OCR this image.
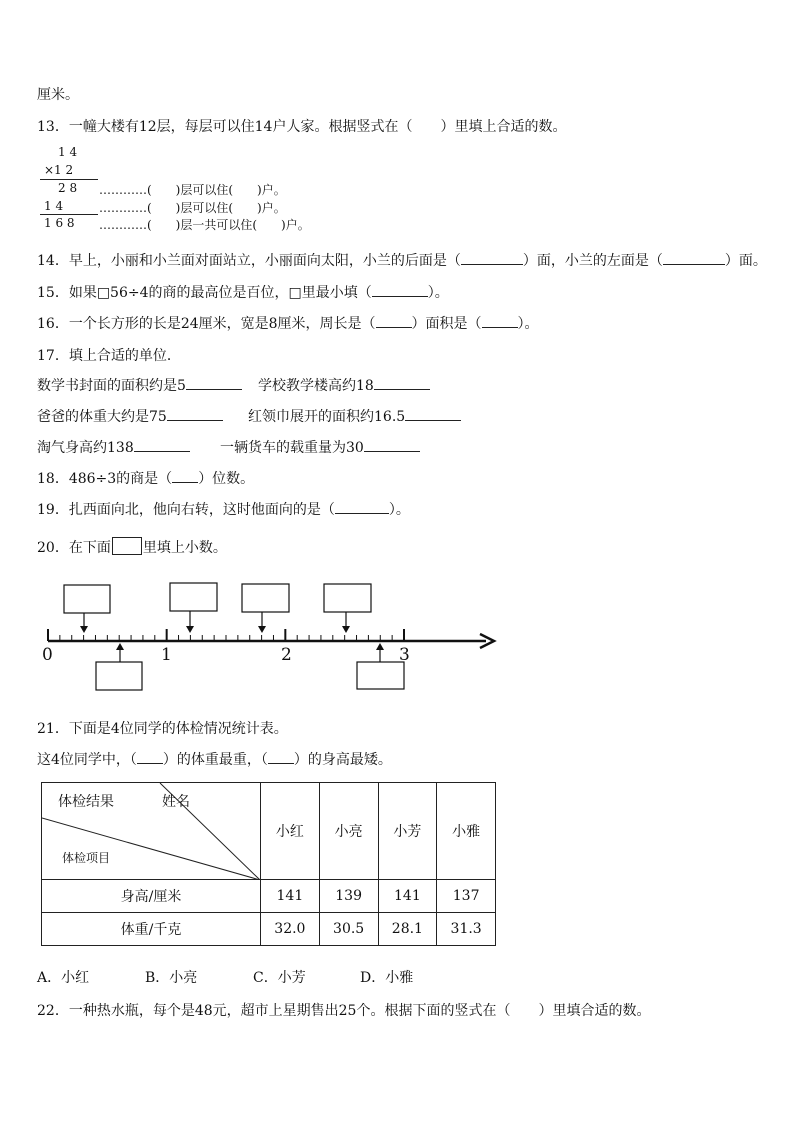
厘米。
13．一幢大楼有12层，每层可以住14户人家。根据竖式在（　　）里填上合适的数。
1 4
×1 2
2 8 …………(　　)层可以住(　　)户。
1 4	…………(　　)层可以住(　　)户。
1 6 8 …………(　　)层一共可以住(　　)户。
14．早上，小丽和小兰面对面站立，小丽面向太阳，小兰的后面是（	）面，小兰的左面是（	）面。
15．如果□56÷4的商的最高位是百位，□里最小填（	）。
16．一个长方形的长是24厘米，宽是8厘米，周长是（	）面积是（	）。
17．填上合适的单位．
数学书封面的面积约是5	学校教学楼高约18
爸爸的体重大约是75	红领巾展开的面积约16.5
淘气身高约138	一辆货车的载重量为30
18．486÷3的商是（ ）位数。
19．扎西面向北，他向右转，这时他面向的是（	）。
20．在下面 里填上小数。
0	1	2	3
21．下面是4位同学的体检情况统计表。
这4位同学中，（ ）的体重最重，（ ）的身高最矮。
体检结果 姓名
体检项目	小红	小亮	小芳	小雅
身高/厘米	141	139	141	137
体重/千克	32.0	30.5	28.1	31.3
A．小红	B．小亮	C．小芳	D．小雅
22．一种热水瓶，每个是48元，超市上星期售出25个。根据下面的竖式在（　　）里填合适的数。
